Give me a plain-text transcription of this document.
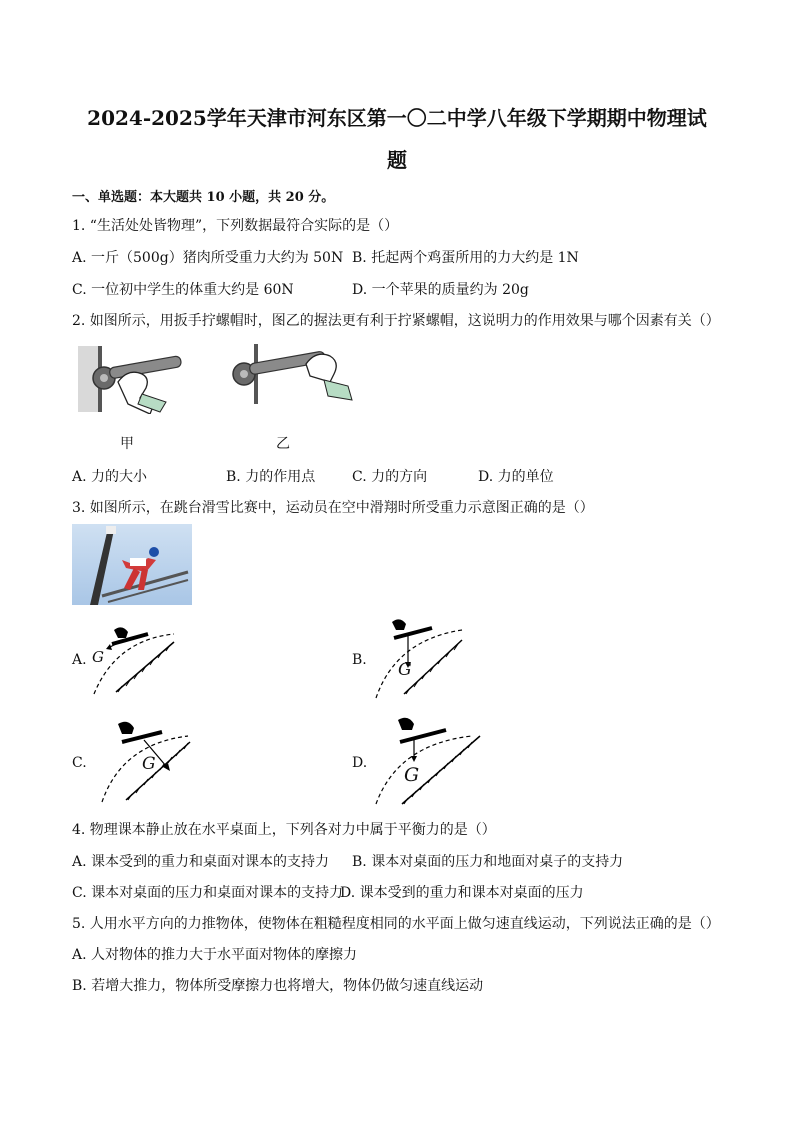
2024-2025学年天津市河东区第一〇二中学八年级下学期期中物理试
题
一、单选题：本大题共 10 小题，共 20 分。
1. “生活处处皆物理”，下列数据最符合实际的是（）
A. 一斤（500g）猪肉所受重力大约为 50N B. 托起两个鸡蛋所用的力大约是 1N
C. 一位初中学生的体重大约是 60N	D. 一个苹果的质量约为 20g
2. 如图所示，用扳手拧螺帽时，图乙的握法更有利于拧紧螺帽，这说明力的作用效果与哪个因素有关（）
甲	乙
A. 力的大小	B. 力的作用点	C. 力的方向	D. 力的单位
3. 如图所示，在跳台滑雪比赛中，运动员在空中滑翔时所受重力示意图正确的是（）
A. G	B. G
C.	G	D.
G
4. 物理课本静止放在水平桌面上，下列各对力中属于平衡力的是（）
A. 课本受到的重力和桌面对课本的支持力 B. 课本对桌面的压力和地面对桌子的支持力
C. 课本对桌面的压力和桌面对课本的支持力
D. 课本受到的重力和课本对桌面的压力
5. 人用水平方向的力推物体，使物体在粗糙程度相同的水平面上做匀速直线运动，下列说法正确的是（）
A. 人对物体的推力大于水平面对物体的摩擦力
B. 若增大推力，物体所受摩擦力也将增大，物体仍做匀速直线运动
